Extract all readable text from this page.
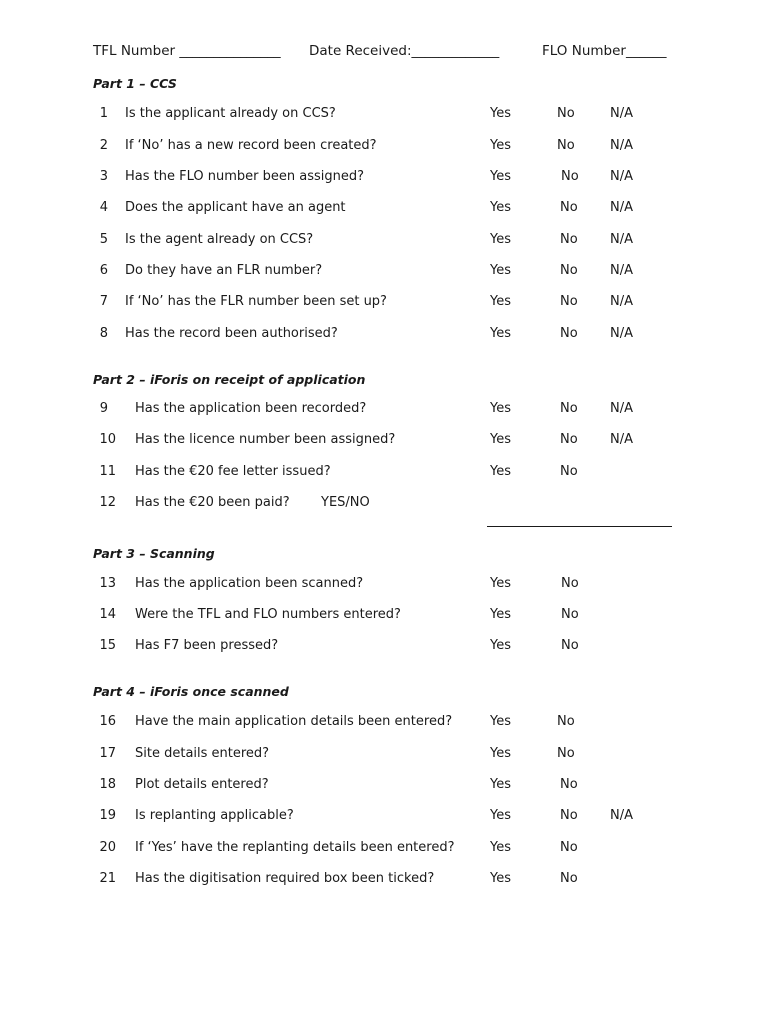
TFL Number _______________ Date Received:_____________	FLO Number______
Part 1 – CCS
Part 2 – iForis on receipt of application
Part 3 – Scanning
Part 4 – iForis once scanned
1 Is the applicant already on CCS?	Yes	No	N/A
2 If ‘No’ has a new record been created?	Yes	No	N/A
3 Has the FLO number been assigned?	Yes	No N/A
4 Does the applicant have an agent	Yes	No N/A
5 Is the agent already on CCS?	Yes	No N/A
6 Do they have an FLR number?	Yes	No N/A
7 If ‘No’ has the FLR number been set up?	Yes	No N/A
8 Has the record been authorised?	Yes	No N/A
9 Has the application been recorded?	Yes	No N/A
10 Has the licence number been assigned?	Yes	No N/A
11 Has the €20 fee letter issued?	Yes	No
12 Has the €20 been paid? YES/NO
13 Has the application been scanned?	Yes	No
14 Were the TFL and FLO numbers entered?	Yes	No
15 Has F7 been pressed?	Yes	No
16 Have the main application details been entered?	Yes	No
17 Site details entered?	Yes	No
18 Plot details entered?	Yes	No
19 Is replanting applicable?	Yes	No N/A
20 If ‘Yes’ have the replanting details been entered?	Yes	No
21 Has the digitisation required box been ticked?	Yes	No
